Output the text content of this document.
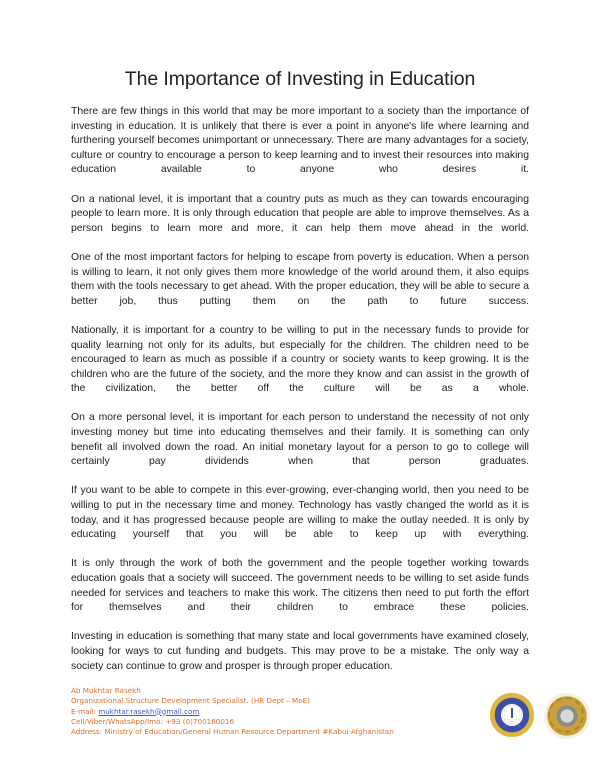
The Importance of Investing in Education

There are few things in this world that may be more important to a society than the importance of investing in education. It is unlikely that there is ever a point in anyone's life where learning and furthering yourself becomes unimportant or unnecessary. There are many advantages for a society, culture or country to encourage a person to keep learning and to invest their resources into making education available to anyone who desires it.

On a national level, it is important that a country puts as much as they can towards encouraging people to learn more. It is only through education that people are able to improve themselves. As a person begins to learn more and more, it can help them move ahead in the world.

One of the most important factors for helping to escape from poverty is education. When a person is willing to learn, it not only gives them more knowledge of the world around them, it also equips them with the tools necessary to get ahead. With the proper education, they will be able to secure a better job, thus putting them on the path to future success.

Nationally, it is important for a country to be willing to put in the necessary funds to provide for quality learning not only for its adults, but especially for the children. The children need to be encouraged to learn as much as possible if a country or society wants to keep growing. It is the children who are the future of the society, and the more they know and can assist in the growth of the civilization, the better off the culture will be as a whole.

On a more personal level, it is important for each person to understand the necessity of not only investing money but time into educating themselves and their family. It is something can only benefit all involved down the road. An initial monetary layout for a person to go to college will certainly pay dividends when that person graduates.

If you want to be able to compete in this ever-growing, ever-changing world, then you need to be willing to put in the necessary time and money. Technology has vastly changed the world as it is today, and it has progressed because people are willing to make the outlay needed. It is only by educating yourself that you will be able to keep up with everything.

It is only through the work of both the government and the people together working towards education goals that a society will succeed. The government needs to be willing to set aside funds needed for services and teachers to make this work. The citizens then need to put forth the effort for themselves and their children to embrace these policies.

Investing in education is something that many state and local governments have examined closely, looking for ways to cut funding and budgets. This may prove to be a mistake. The only way a society can continue to grow and prosper is through proper education.

Ab Mukhtar Rasekh
Organizational Structure Development Specialist. (HR Dept – MoE)
E-mail: mukhtar.rasekh@gmail.com
Cell/Viber/WhatsApp/Imo: +93 (0)700160016
Address: Ministry of Education/General Human Resource Department #Kabul-Afghanistan
